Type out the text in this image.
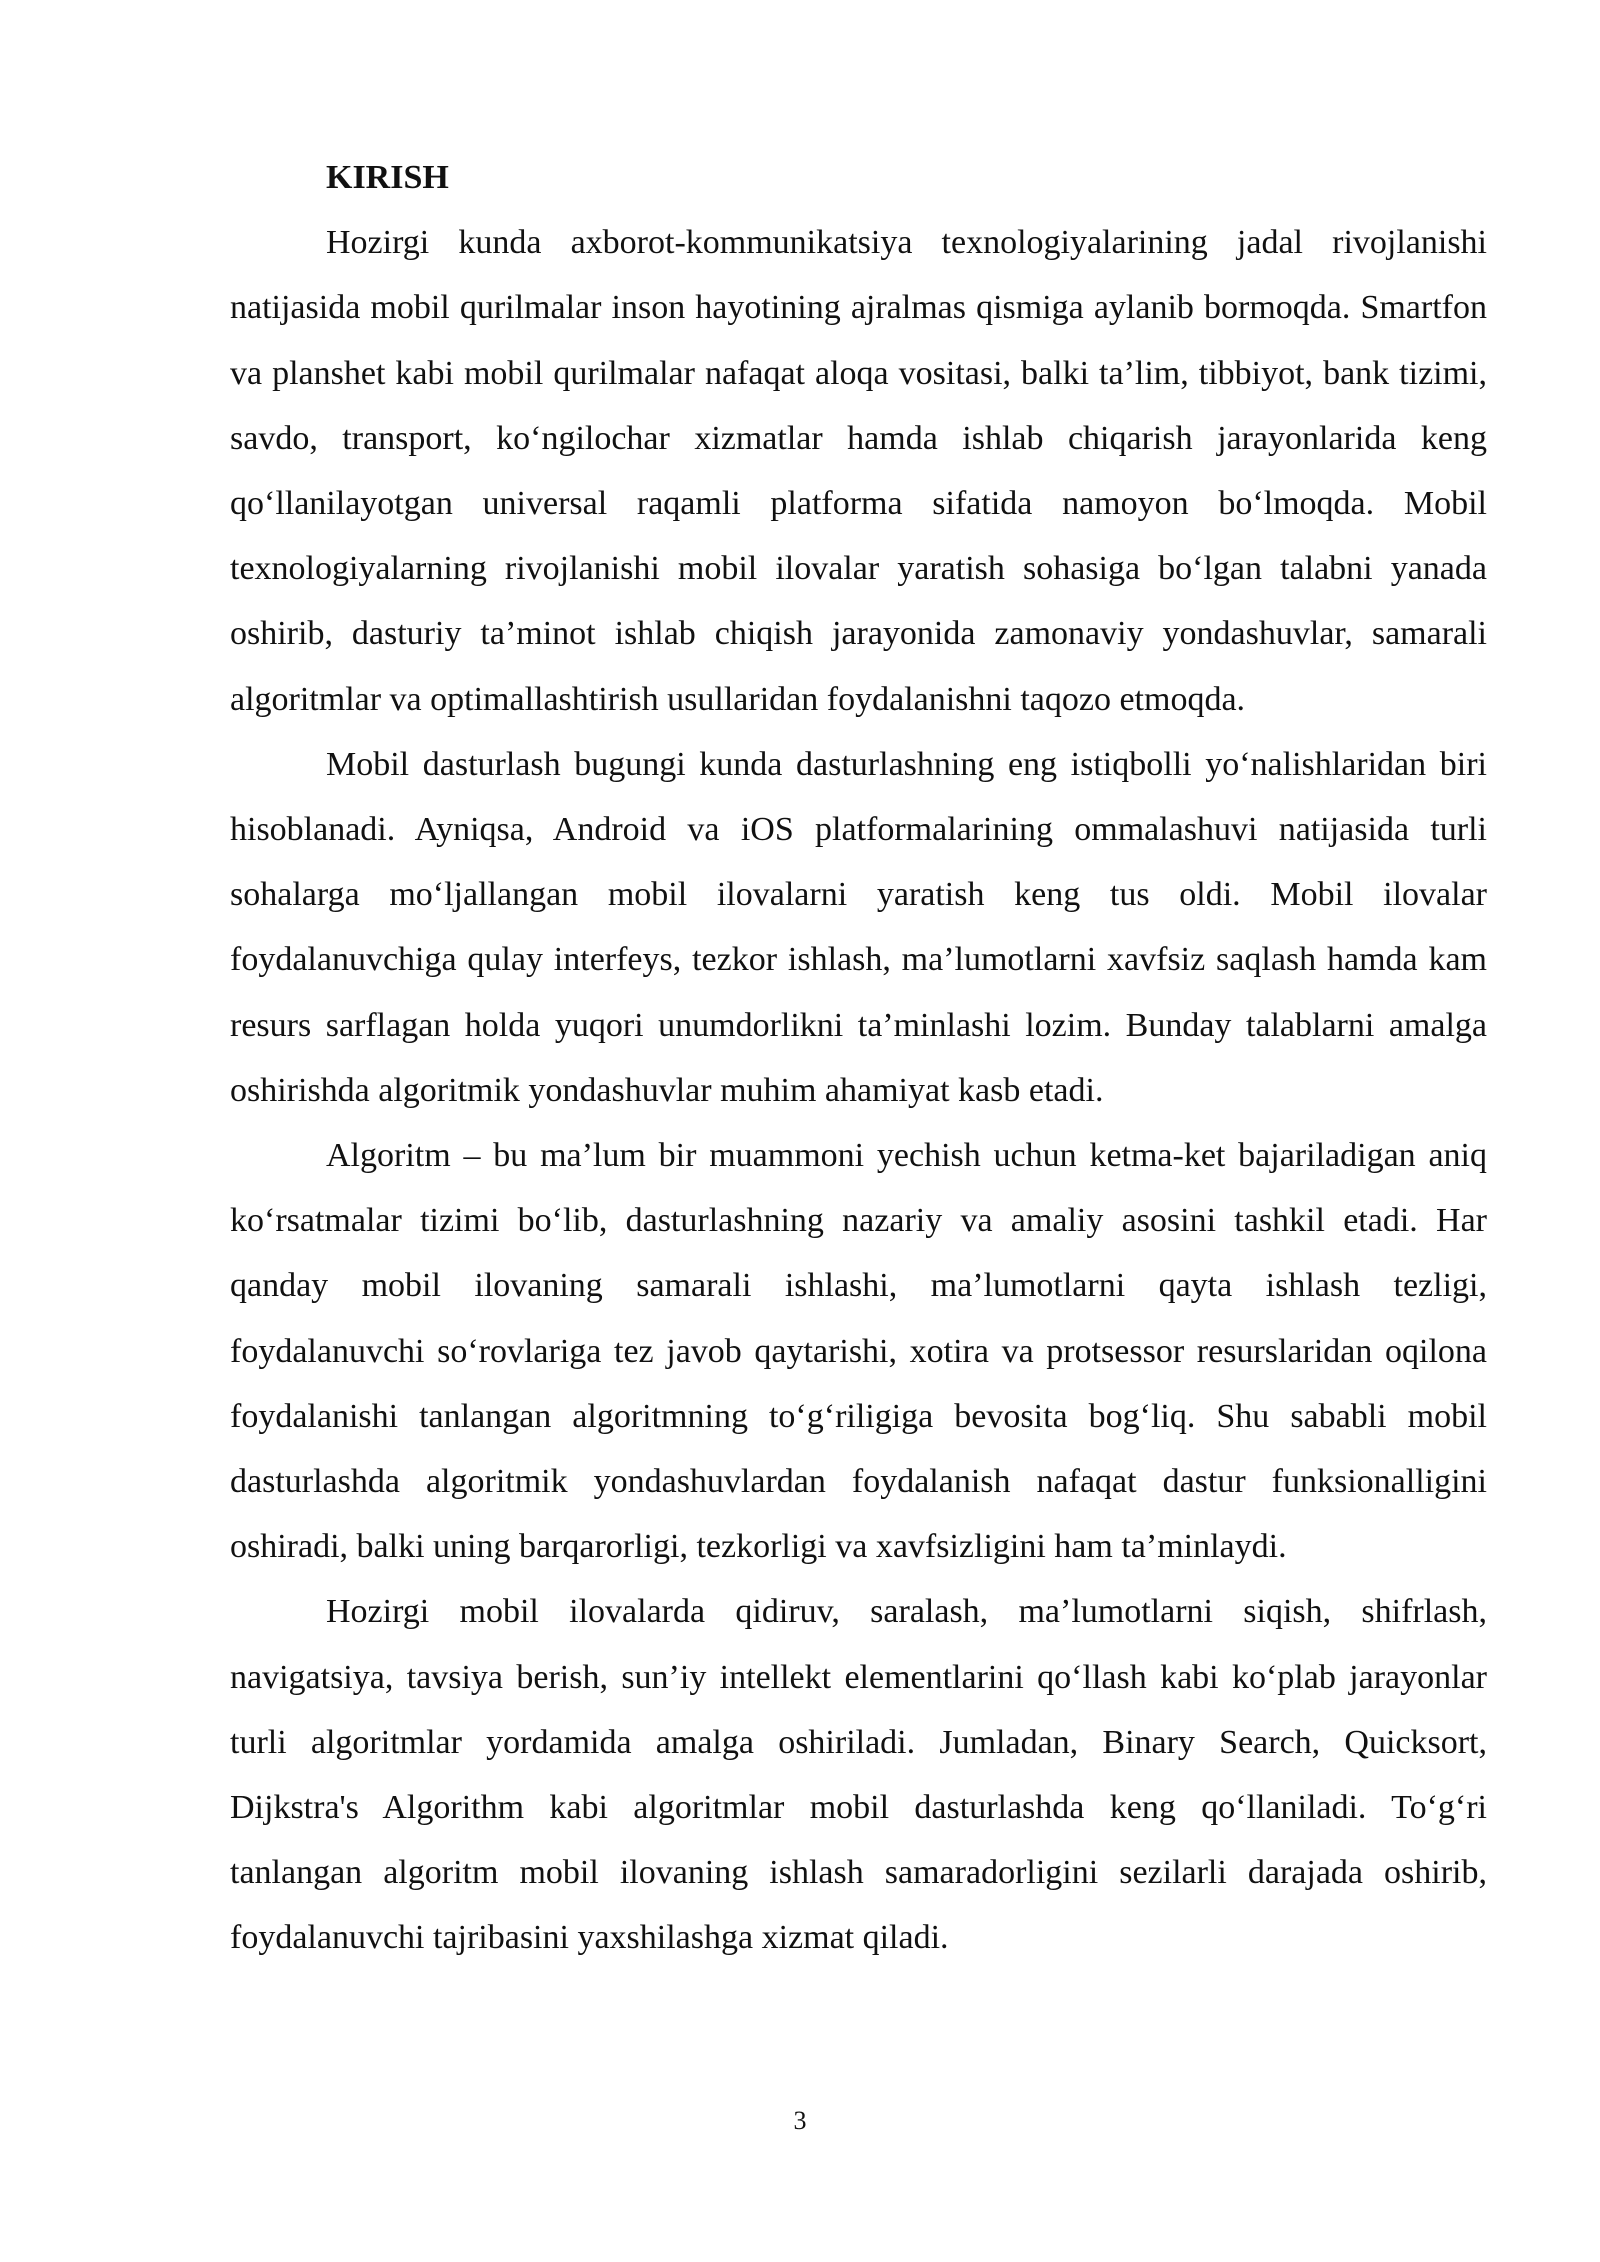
KIRISH

Hozirgi kunda axborot-kommunikatsiya texnologiyalarining jadal rivojlanishi natijasida mobil qurilmalar inson hayotining ajralmas qismiga aylanib bormoqda. Smartfon va planshet kabi mobil qurilmalar nafaqat aloqa vositasi, balki ta’lim, tibbiyot, bank tizimi, savdo, transport, ko‘ngilochar xizmatlar hamda ishlab chiqarish jarayonlarida keng qo‘llanilayotgan universal raqamli platforma sifatida namoyon bo‘lmoqda. Mobil texnologiyalarning rivojlanishi mobil ilovalar yaratish sohasiga bo‘lgan talabni yanada oshirib, dasturiy ta’minot ishlab chiqish jarayonida zamonaviy yondashuvlar, samarali algoritmlar va optimallashtirish usullaridan foydalanishni taqozo etmoqda.

Mobil dasturlash bugungi kunda dasturlashning eng istiqbolli yo‘nalishlaridan biri hisoblanadi. Ayniqsa, Android va iOS platformalarining ommalashuvi natijasida turli sohalarga mo‘ljallangan mobil ilovalarni yaratish keng tus oldi. Mobil ilovalar foydalanuvchiga qulay interfeys, tezkor ishlash, ma’lumotlarni xavfsiz saqlash hamda kam resurs sarflagan holda yuqori unumdorlikni ta’minlashi lozim. Bunday talablarni amalga oshirishda algoritmik yondashuvlar muhim ahamiyat kasb etadi.

Algoritm – bu ma’lum bir muammoni yechish uchun ketma-ket bajariladigan aniq ko‘rsatmalar tizimi bo‘lib, dasturlashning nazariy va amaliy asosini tashkil etadi. Har qanday mobil ilovaning samarali ishlashi, ma’lumotlarni qayta ishlash tezligi, foydalanuvchi so‘rovlariga tez javob qaytarishi, xotira va protsessor resurslaridan oqilona foydalanishi tanlangan algoritmning to‘g‘riligiga bevosita bog‘liq. Shu sababli mobil dasturlashda algoritmik yondashuvlardan foydalanish nafaqat dastur funksionalligini oshiradi, balki uning barqarorligi, tezkorligi va xavfsizligini ham ta’minlaydi.

Hozirgi mobil ilovalarda qidiruv, saralash, ma’lumotlarni siqish, shifrlash, navigatsiya, tavsiya berish, sun’iy intellekt elementlarini qo‘llash kabi ko‘plab jarayonlar turli algoritmlar yordamida amalga oshiriladi. Jumladan, Binary Search, Quicksort, Dijkstra's Algorithm kabi algoritmlar mobil dasturlashda keng qo‘llaniladi. To‘g‘ri tanlangan algoritm mobil ilovaning ishlash samaradorligini sezilarli darajada oshirib, foydalanuvchi tajribasini yaxshilashga xizmat qiladi.

3
